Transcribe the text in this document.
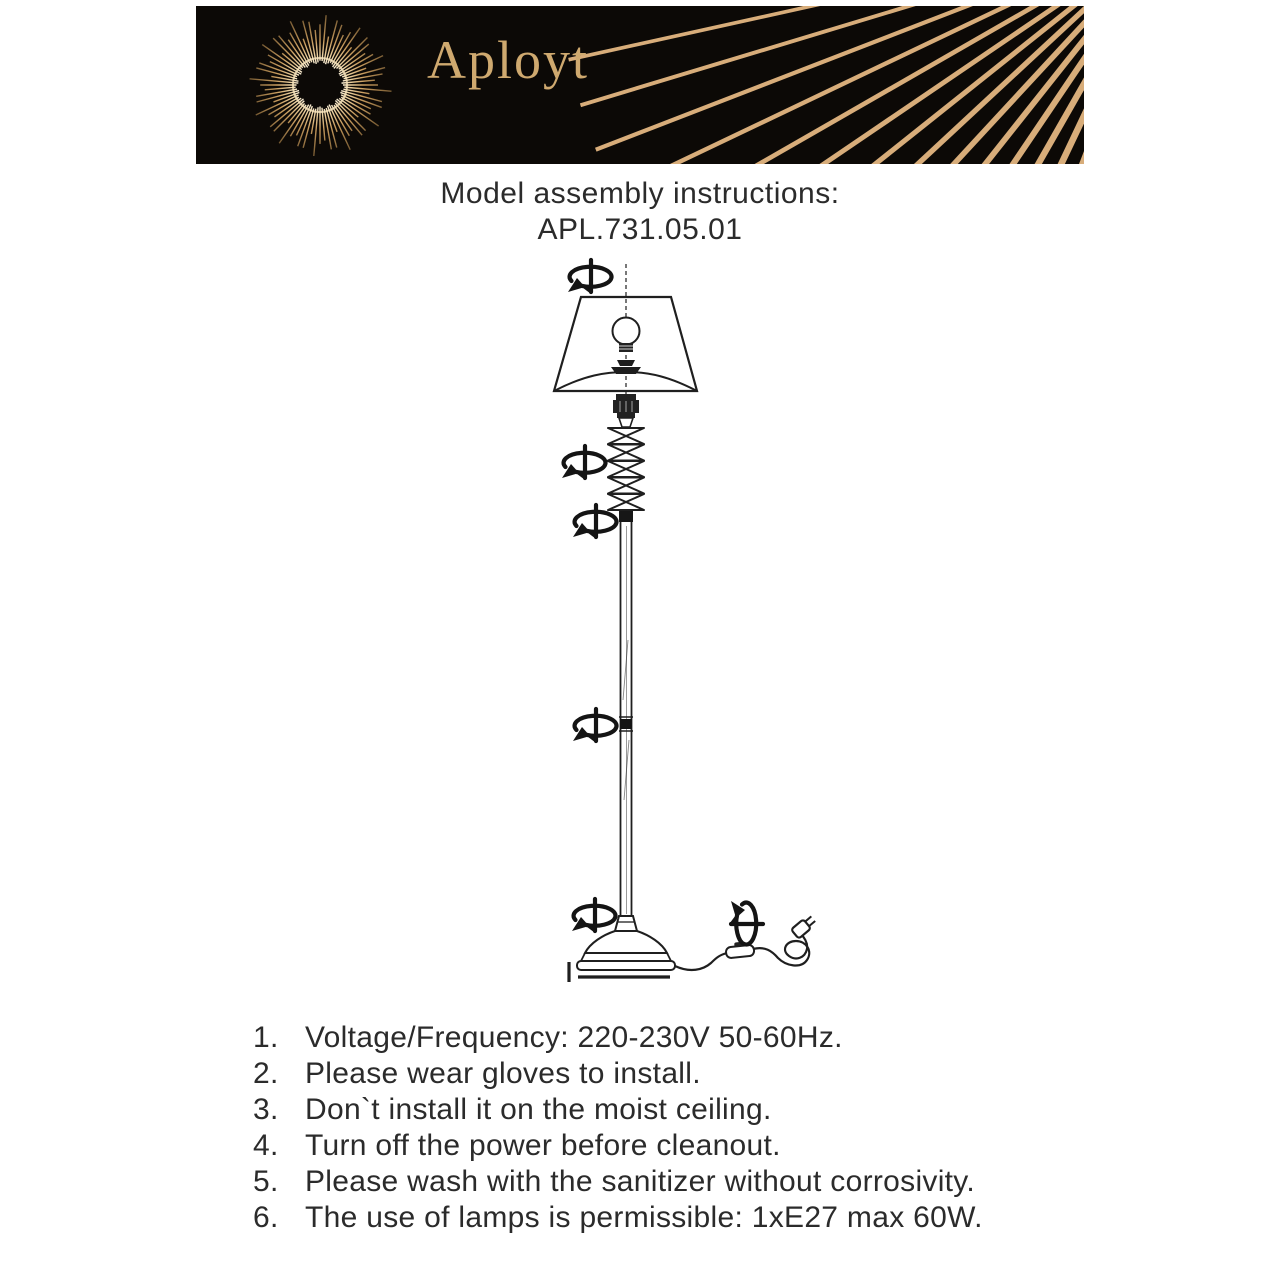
Aployt
Model assembly instructions:
APL.731.05.01
1. Voltage/Frequency: 220-230V 50-60Hz.
2. Please wear gloves to install.
3. Don`t install it on the moist ceiling.
4. Turn off the power before cleanout.
5. Please wash with the sanitizer without corrosivity.
6. The use of lamps is permissible: 1xE27 max 60W.
